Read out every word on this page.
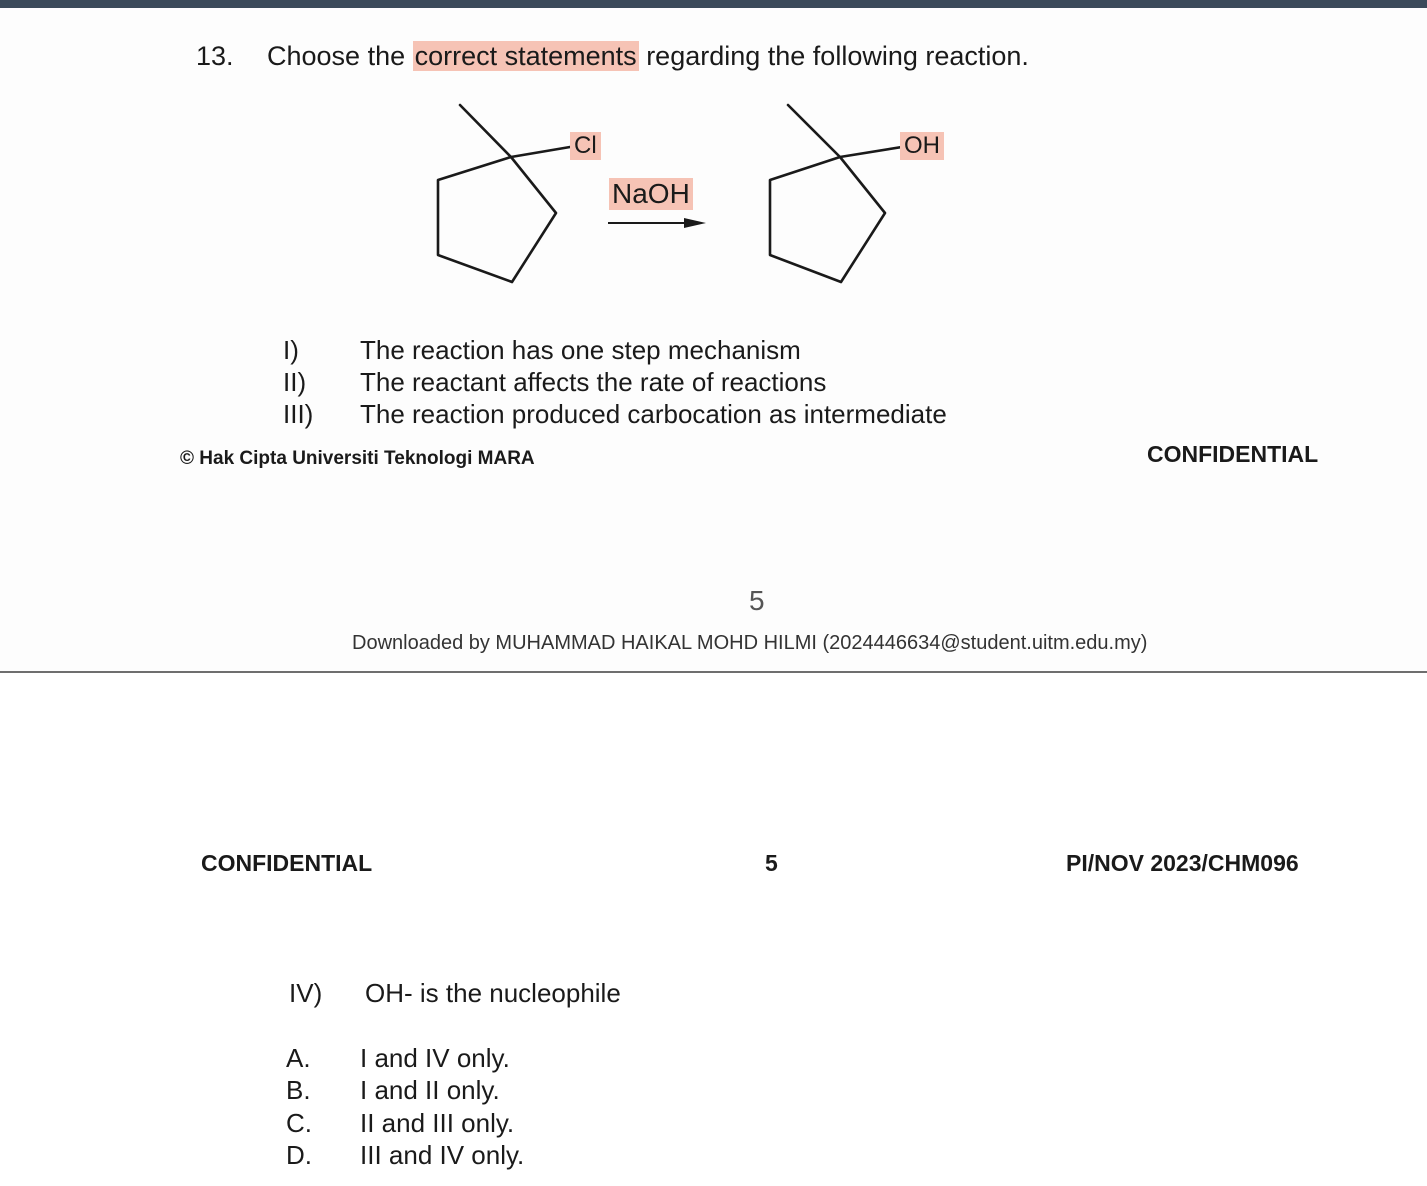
13. Choose the correct statements regarding the following reaction.
Cl	OH
NaOH
I) The reaction has one step mechanism
II) The reactant affects the rate of reactions
III) The reaction produced carbocation as intermediate
© Hak Cipta Universiti Teknologi MARA	CONFIDENTIAL
5
Downloaded by MUHAMMAD HAIKAL MOHD HILMI (2024446634@student.uitm.edu.my)
CONFIDENTIAL	5	PI/NOV 2023/CHM096
IV) OH- is the nucleophile
A. I and IV only.
B. I and II only.
C. II and III only.
D. III and IV only.
